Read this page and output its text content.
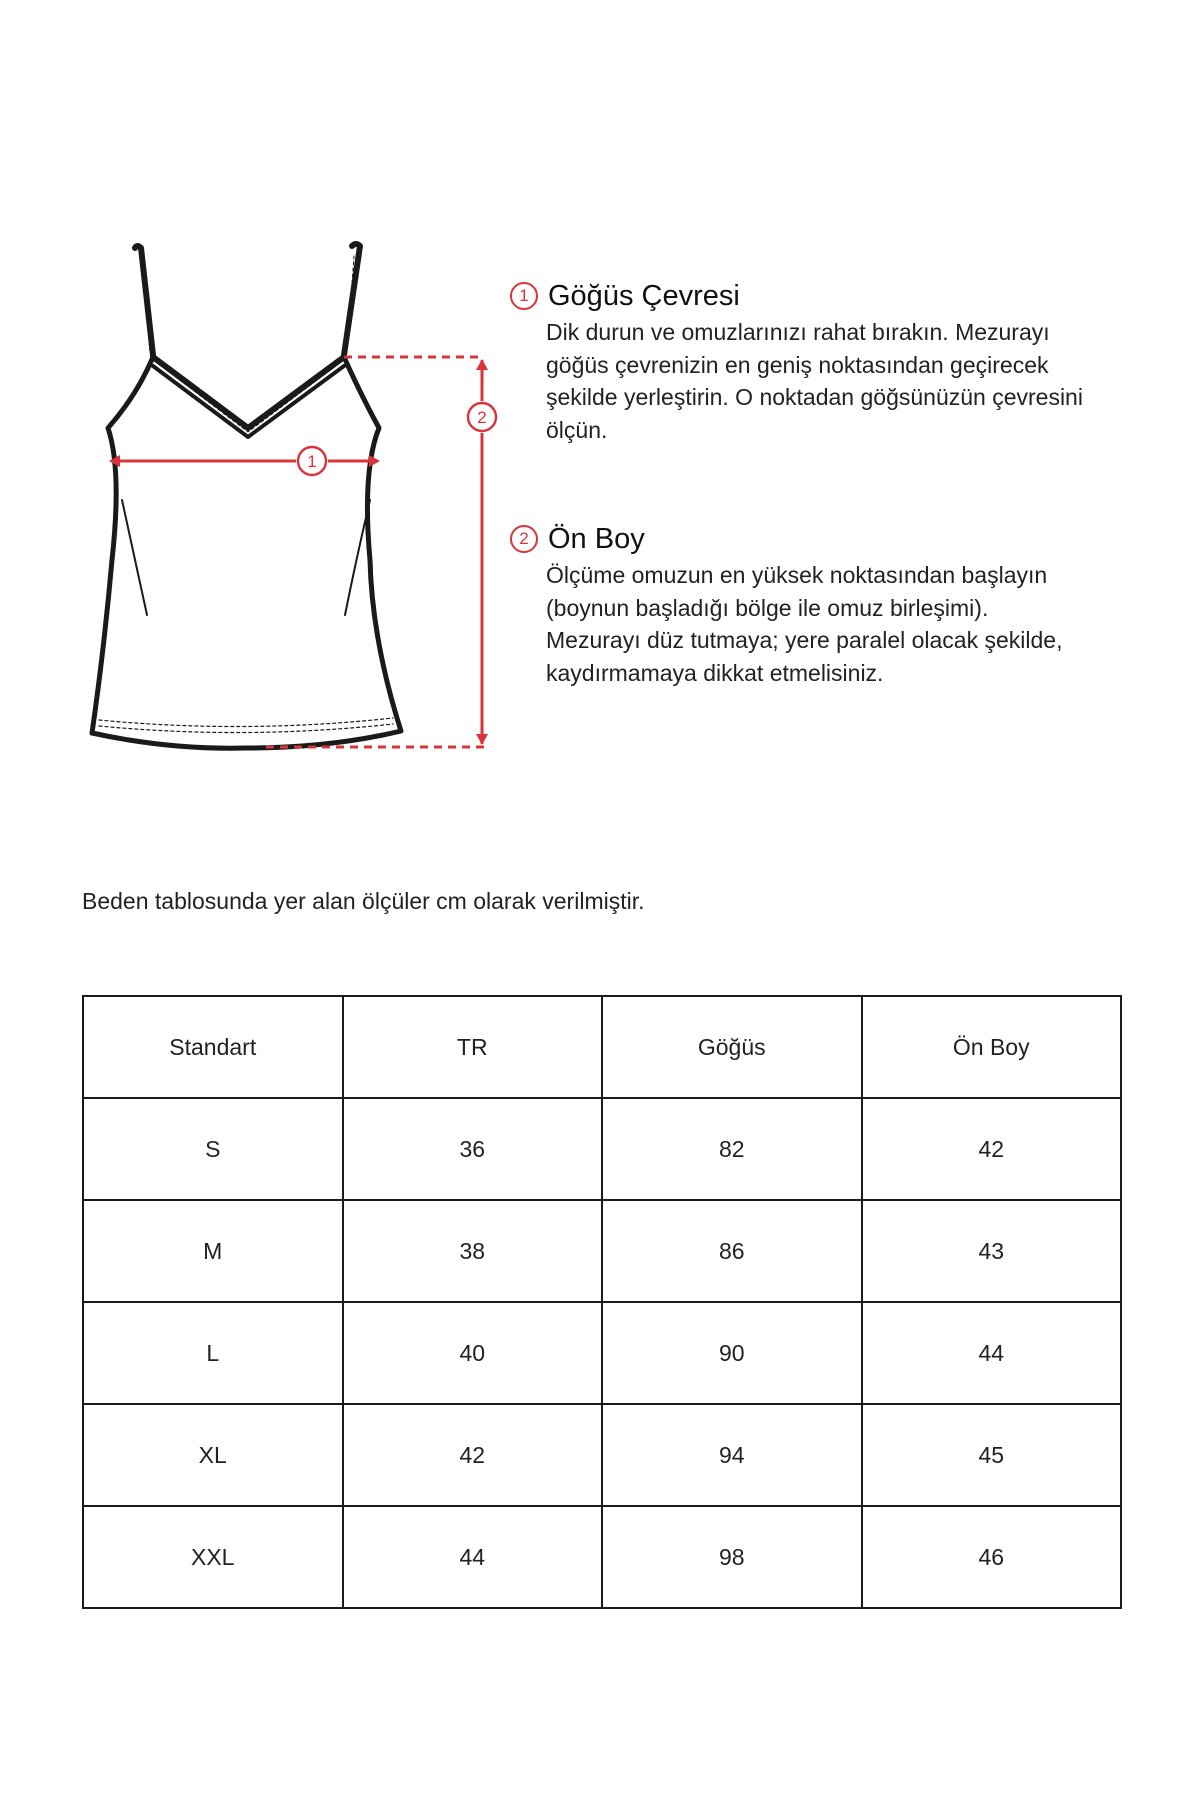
1
2
1 Göğüs Çevresi
Dik durun ve omuzlarınızı rahat bırakın. Mezurayı
göğüs çevrenizin en geniş noktasından geçirecek
şekilde yerleştirin. O noktadan göğsünüzün çevresini
ölçün.
2 Ön Boy
Ölçüme omuzun en yüksek noktasından başlayın
(boynun başladığı bölge ile omuz birleşimi).
Mezurayı düz tutmaya; yere paralel olacak şekilde,
kaydırmamaya dikkat etmelisiniz.
Beden tablosunda yer alan ölçüler cm olarak verilmiştir.
Standart	TR	Göğüs	Ön Boy
S	36	82	42
M	38	86	43
L	40	90	44
XL	42	94	45
XXL	44	98	46
